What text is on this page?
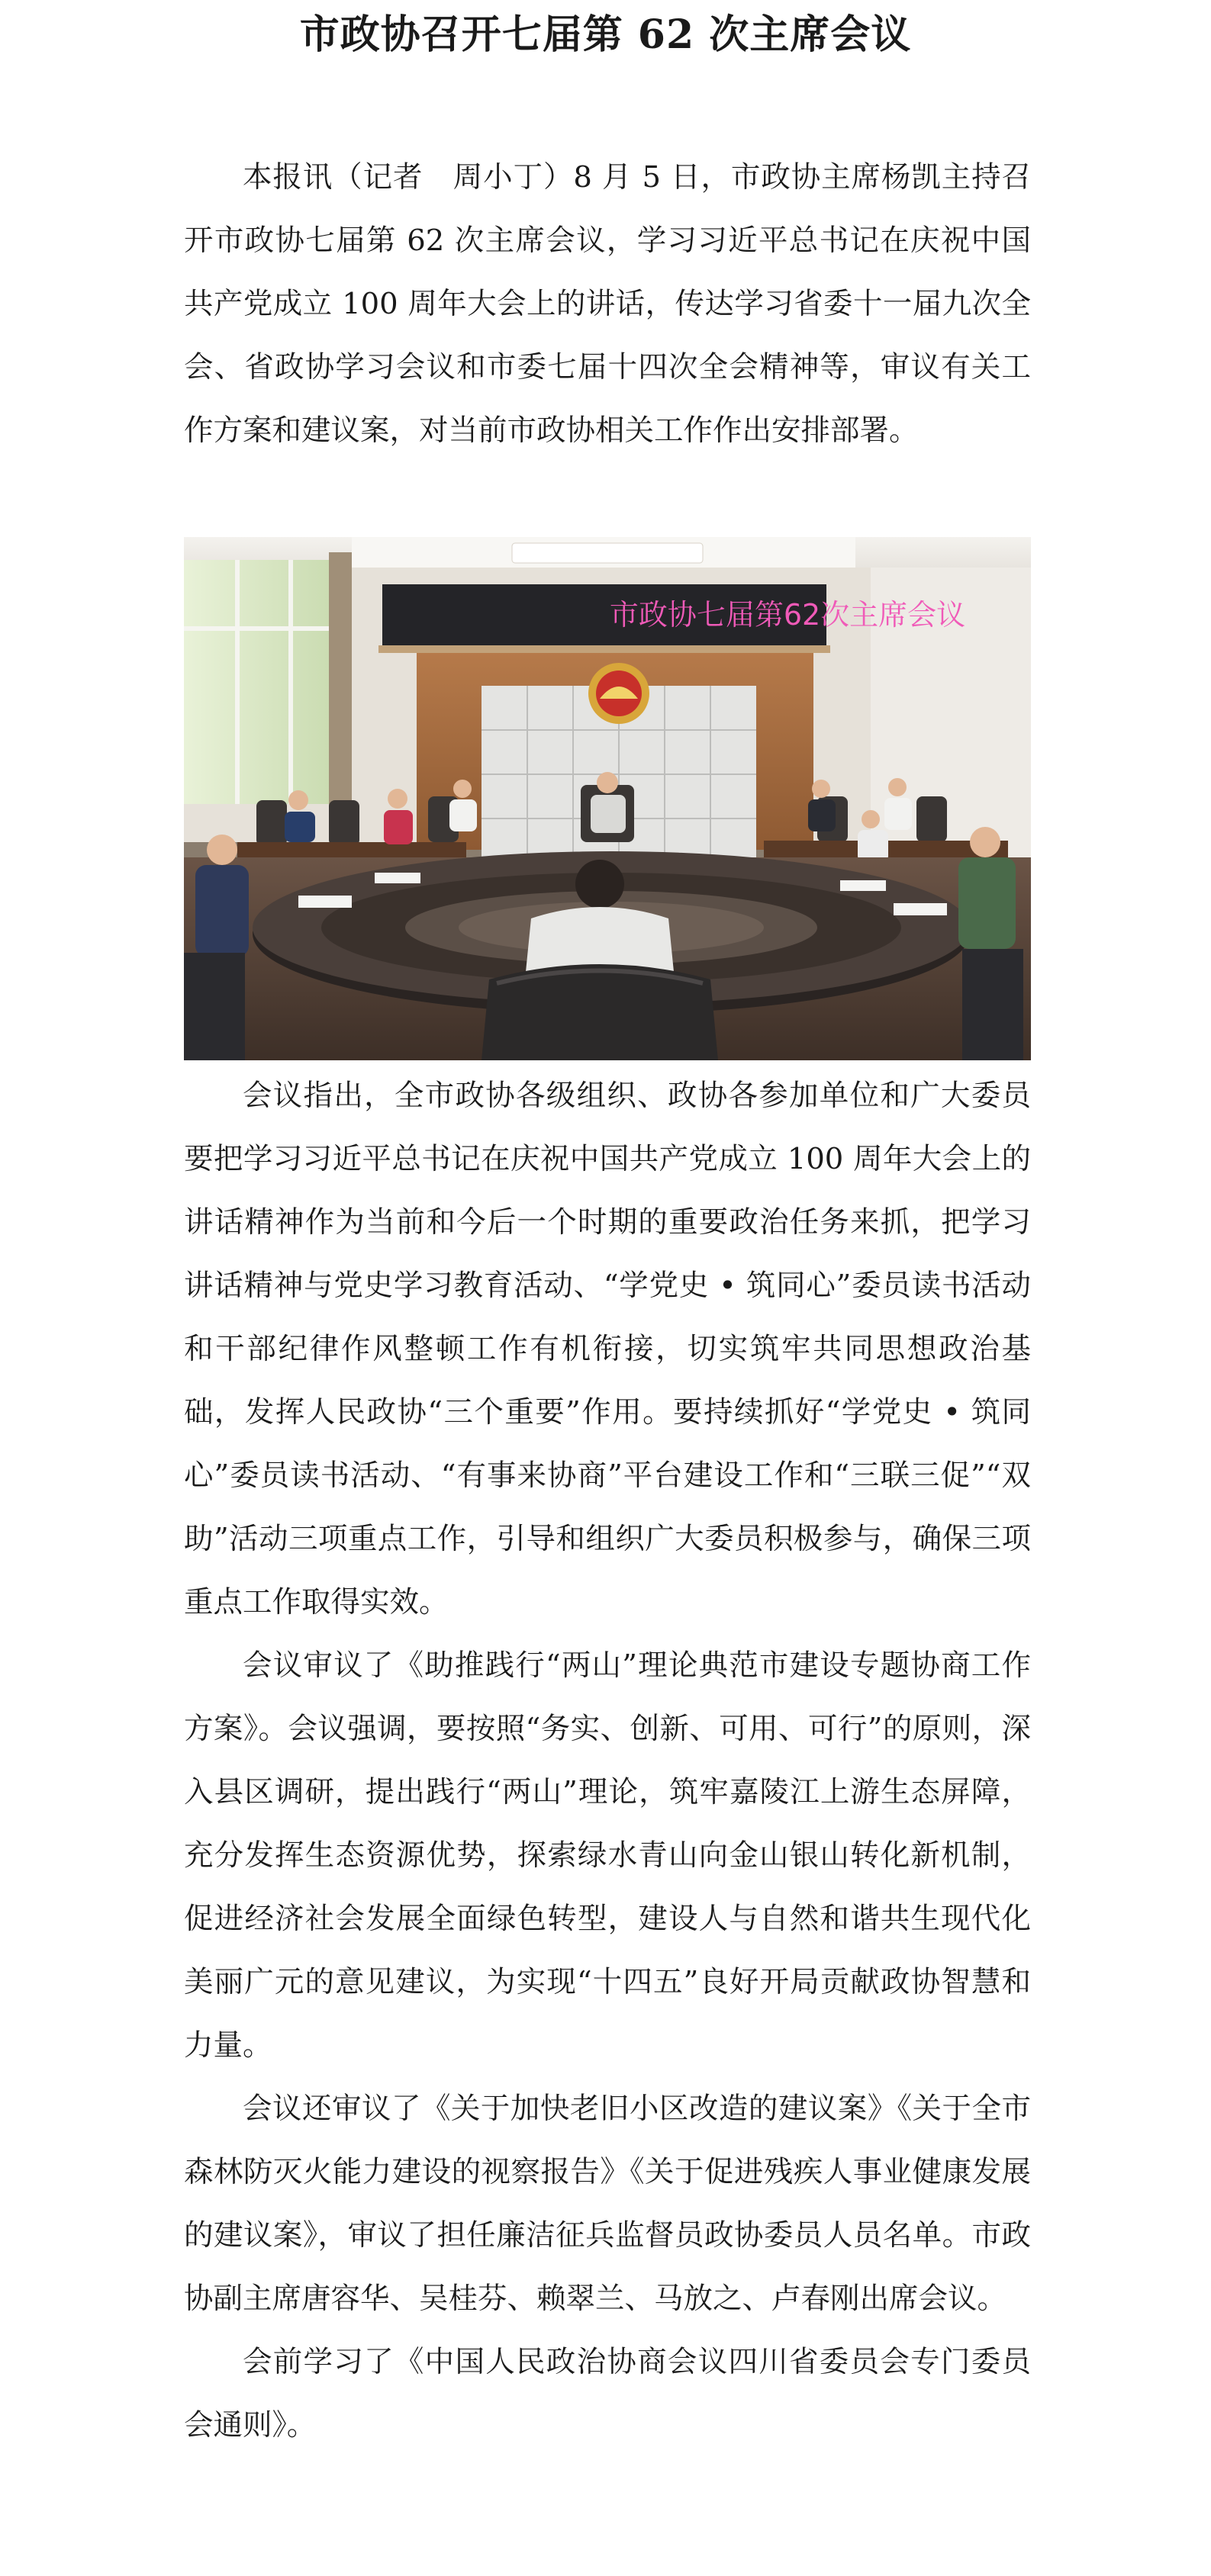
市政协召开七届第 62 次主席会议

本报讯（记者　周小丁）8 月 5 日，市政协主席杨凯主持召开市政协七届第 62 次主席会议，学习习近平总书记在庆祝中国共产党成立 100 周年大会上的讲话，传达学习省委十一届九次全会、省政协学习会议和市委七届十四次全会精神等，审议有关工作方案和建议案，对当前市政协相关工作作出安排部署。

市政协七届第62次主席会议

会议指出，全市政协各级组织、政协各参加单位和广大委员要把学习习近平总书记在庆祝中国共产党成立 100 周年大会上的讲话精神作为当前和今后一个时期的重要政治任务来抓，把学习讲话精神与党史学习教育活动、“学党史 • 筑同心”委员读书活动和干部纪律作风整顿工作有机衔接，切实筑牢共同思想政治基础，发挥人民政协“三个重要”作用。要持续抓好“学党史 • 筑同心”委员读书活动、“有事来协商”平台建设工作和“三联三促”“双助”活动三项重点工作，引导和组织广大委员积极参与，确保三项重点工作取得实效。

会议审议了《助推践行“两山”理论典范市建设专题协商工作方案》。会议强调，要按照“务实、创新、可用、可行”的原则，深入县区调研，提出践行“两山”理论，筑牢嘉陵江上游生态屏障，充分发挥生态资源优势，探索绿水青山向金山银山转化新机制，促进经济社会发展全面绿色转型，建设人与自然和谐共生现代化美丽广元的意见建议，为实现“十四五”良好开局贡献政协智慧和力量。

会议还审议了《关于加快老旧小区改造的建议案》《关于全市森林防灭火能力建设的视察报告》《关于促进残疾人事业健康发展的建议案》，审议了担任廉洁征兵监督员政协委员人员名单。市政协副主席唐容华、吴桂芬、赖翠兰、马放之、卢春刚出席会议。

会前学习了《中国人民政治协商会议四川省委员会专门委员会通则》。
